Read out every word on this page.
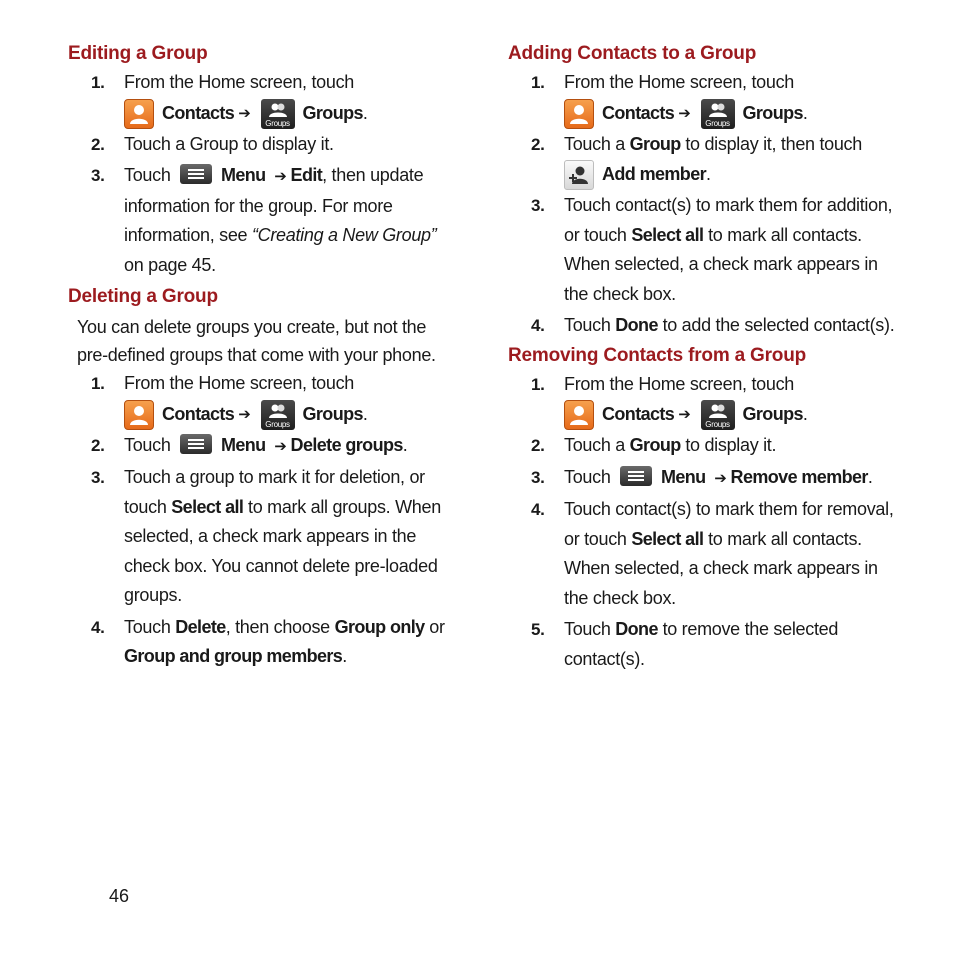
Editing a Group
1. From the Home screen, touch
Contacts ➔
Groups
Groups .
2. Touch a Group to display it.
3. Touch	Menu ➔ Edit, then update
information for the group. For more
information, see “Creating a New Group”
on page 45.
Deleting a Group
You can delete groups you create, but not the
pre-defined groups that come with your phone.
1. From the Home screen, touch
Contacts ➔
Groups
Groups .
2. Touch	Menu ➔ Delete groups.
3. Touch a group to mark it for deletion, or
touch Select all to mark all groups. When
selected, a check mark appears in the
check box. You cannot delete pre-loaded
groups.
4. Touch Delete, then choose Group only or
Group and group members.
Adding Contacts to a Group
1. From the Home screen, touch
Contacts ➔
Groups
Groups .
2. Touch a Group to display it, then touch
Add member .
3. Touch contact(s) to mark them for addition,
or touch Select all to mark all contacts.
When selected, a check mark appears in
the check box.
4. Touch Done to add the selected contact(s).
Removing Contacts from a Group
1. From the Home screen, touch
Contacts ➔
Groups
Groups .
2. Touch a Group to display it.
3. Touch	Menu ➔ Remove member.
4. Touch contact(s) to mark them for removal,
or touch Select all to mark all contacts.
When selected, a check mark appears in
the check box.
5. Touch Done to remove the selected
contact(s).
46
